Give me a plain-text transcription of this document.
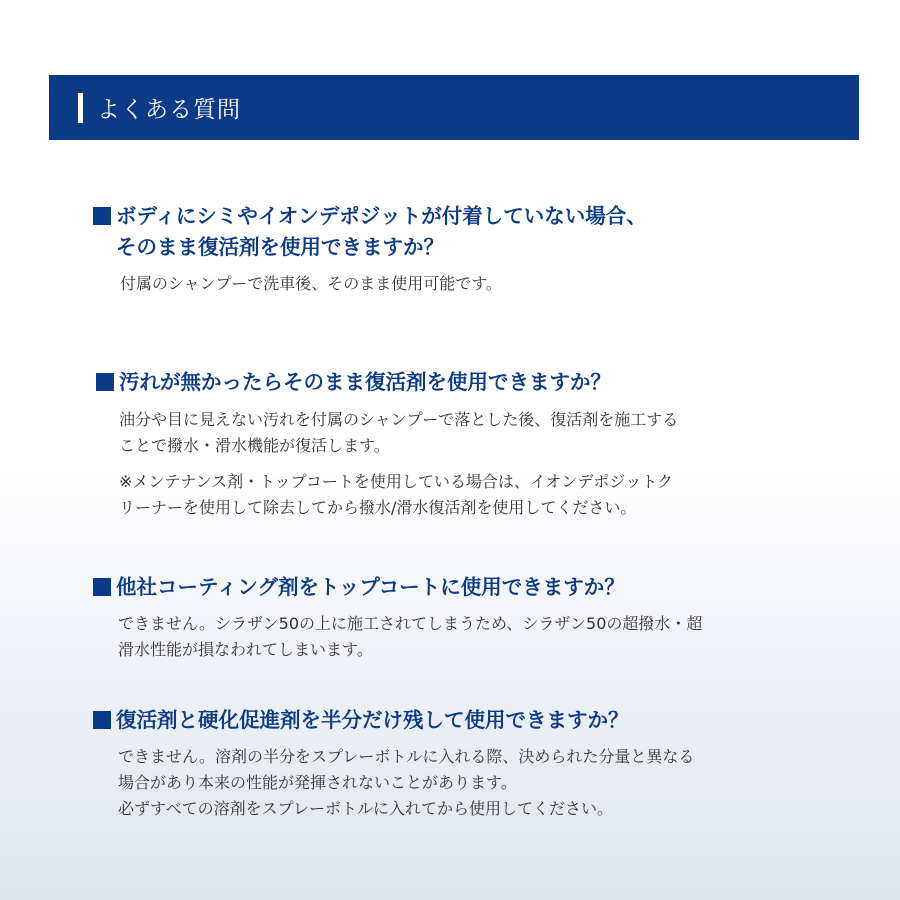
よくある質問
ボディにシミやイオンデポジットが付着していない場合、
そのまま復活剤を使用できますか？
付属のシャンプーで洗車後、そのまま使用可能です。
汚れが無かったらそのまま復活剤を使用できますか？
油分や目に見えない汚れを付属のシャンプーで落とした後、復活剤を施工する
ことで撥水・滑水機能が復活します。
※メンテナンス剤・トップコートを使用している場合は、イオンデポジットク
リーナーを使用して除去してから撥水/滑水復活剤を使用してください。
他社コーティング剤をトップコートに使用できますか？
できません。シラザン50の上に施工されてしまうため、シラザン50の超撥水・超
滑水性能が損なわれてしまいます。
復活剤と硬化促進剤を半分だけ残して使用できますか？
できません。溶剤の半分をスプレーボトルに入れる際、決められた分量と異なる
場合があり本来の性能が発揮されないことがあります。
必ずすべての溶剤をスプレーボトルに入れてから使用してください。
